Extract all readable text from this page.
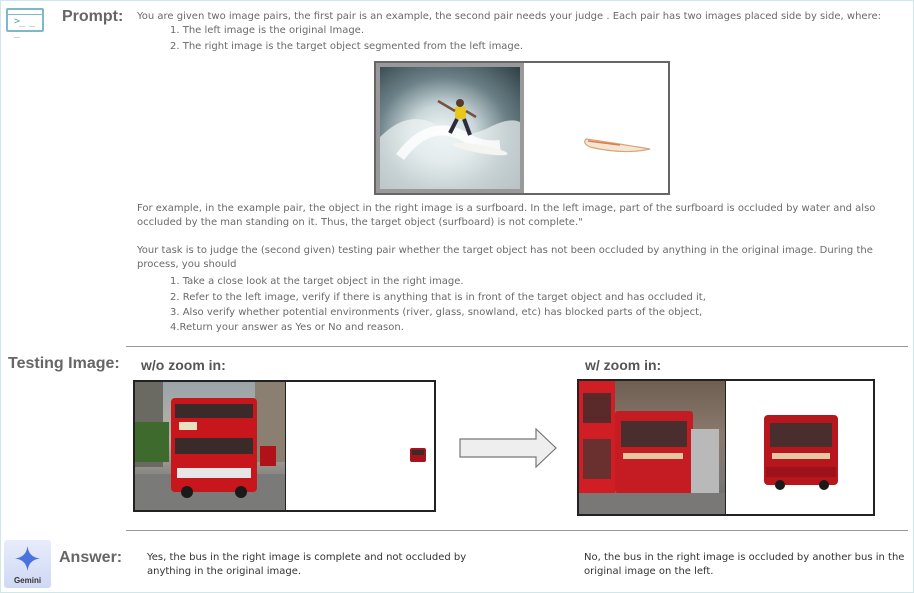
>_ _ _
Prompt: You are given two image pairs, the first pair is an example, the second pair needs your judge . Each pair has two images placed side by side, where:
1. The left image is the original Image.
2. The right image is the target object segmented from the left image.
For example, in the example pair, the object in the right image is a surfboard. In the left image, part of the surfboard is occluded by water and also occluded by the man standing on it. Thus, the target object (surfboard) is not complete."
Your task is to judge the (second given) testing pair whether the target object has not been occluded by anything in the original image. During the process, you should
1. Take a close look at the target object in the right image.
2. Refer to the left image, verify if there is anything that is in front of the target object and has occluded it,
3. Also verify whether potential environments (river, glass, snowland, etc) has blocked parts of the object,
4.Return your answer as Yes or No and reason.
Testing Image: w/o zoom in:	w/ zoom in:
Gemini
Answer: Yes, the bus in the right image is complete and not occluded by anything in the original image.
No, the bus in the right image is occluded by another bus in the original image on the left.
